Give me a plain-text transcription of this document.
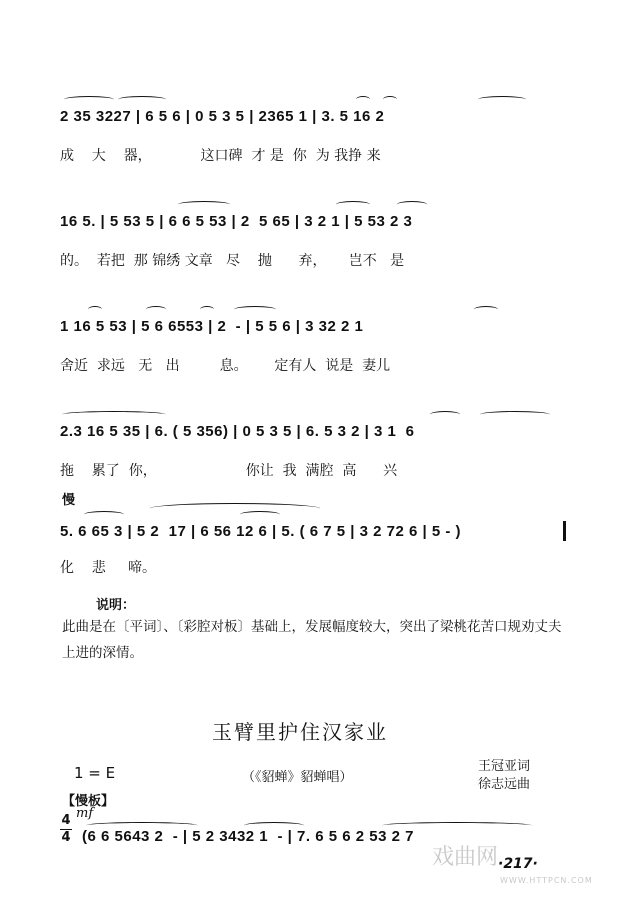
2 35 3227 | 6 5 6 | 0 5 3 5 | 2365 1 | 3. 5 16 2
成    大    器，           这口碑  才 是  你  为 我挣 来
16 5. | 5 53 5 | 6 6 5 53 | 2  5 65 | 3 2 1 | 5 53 2 3
的。  若把  那 锦绣 文章   尽    抛      弃，     岂不   是
1 16 5 53 | 5 6 6553 | 2  - | 5 5 6 | 3 32 2 1
舍近  求远   无   出         息。      定有人  说是  妻儿
2.3 16 5 35 | 6. ( 5 356) | 0 5 3 5 | 6. 5 3 2 | 3 1  6
拖    累了  你，                    你让  我  满腔  高      兴
慢
5. 6 65 3 | 5 2  17 | 6 56 12 6 | 5. ( 6 7 5 | 3 2 72 6 | 5 - )
化    悲     啼。
说明：
此曲是在〔平词〕、〔彩腔对板〕基础上，发展幅度较大，突出了梁桃花苦口规劝丈夫上进的深情。
玉臂里护住汉家业
1 = E	（《貂蝉》貂蝉唱）
王冠亚词
徐志远曲
【慢板】
mf
4
4 (6 6 5643 2  - | 5 2 3432 1  - | 7. 6 5 6 2 53 2 7
·217·
戏曲网
WWW.HTTPCN.COM
